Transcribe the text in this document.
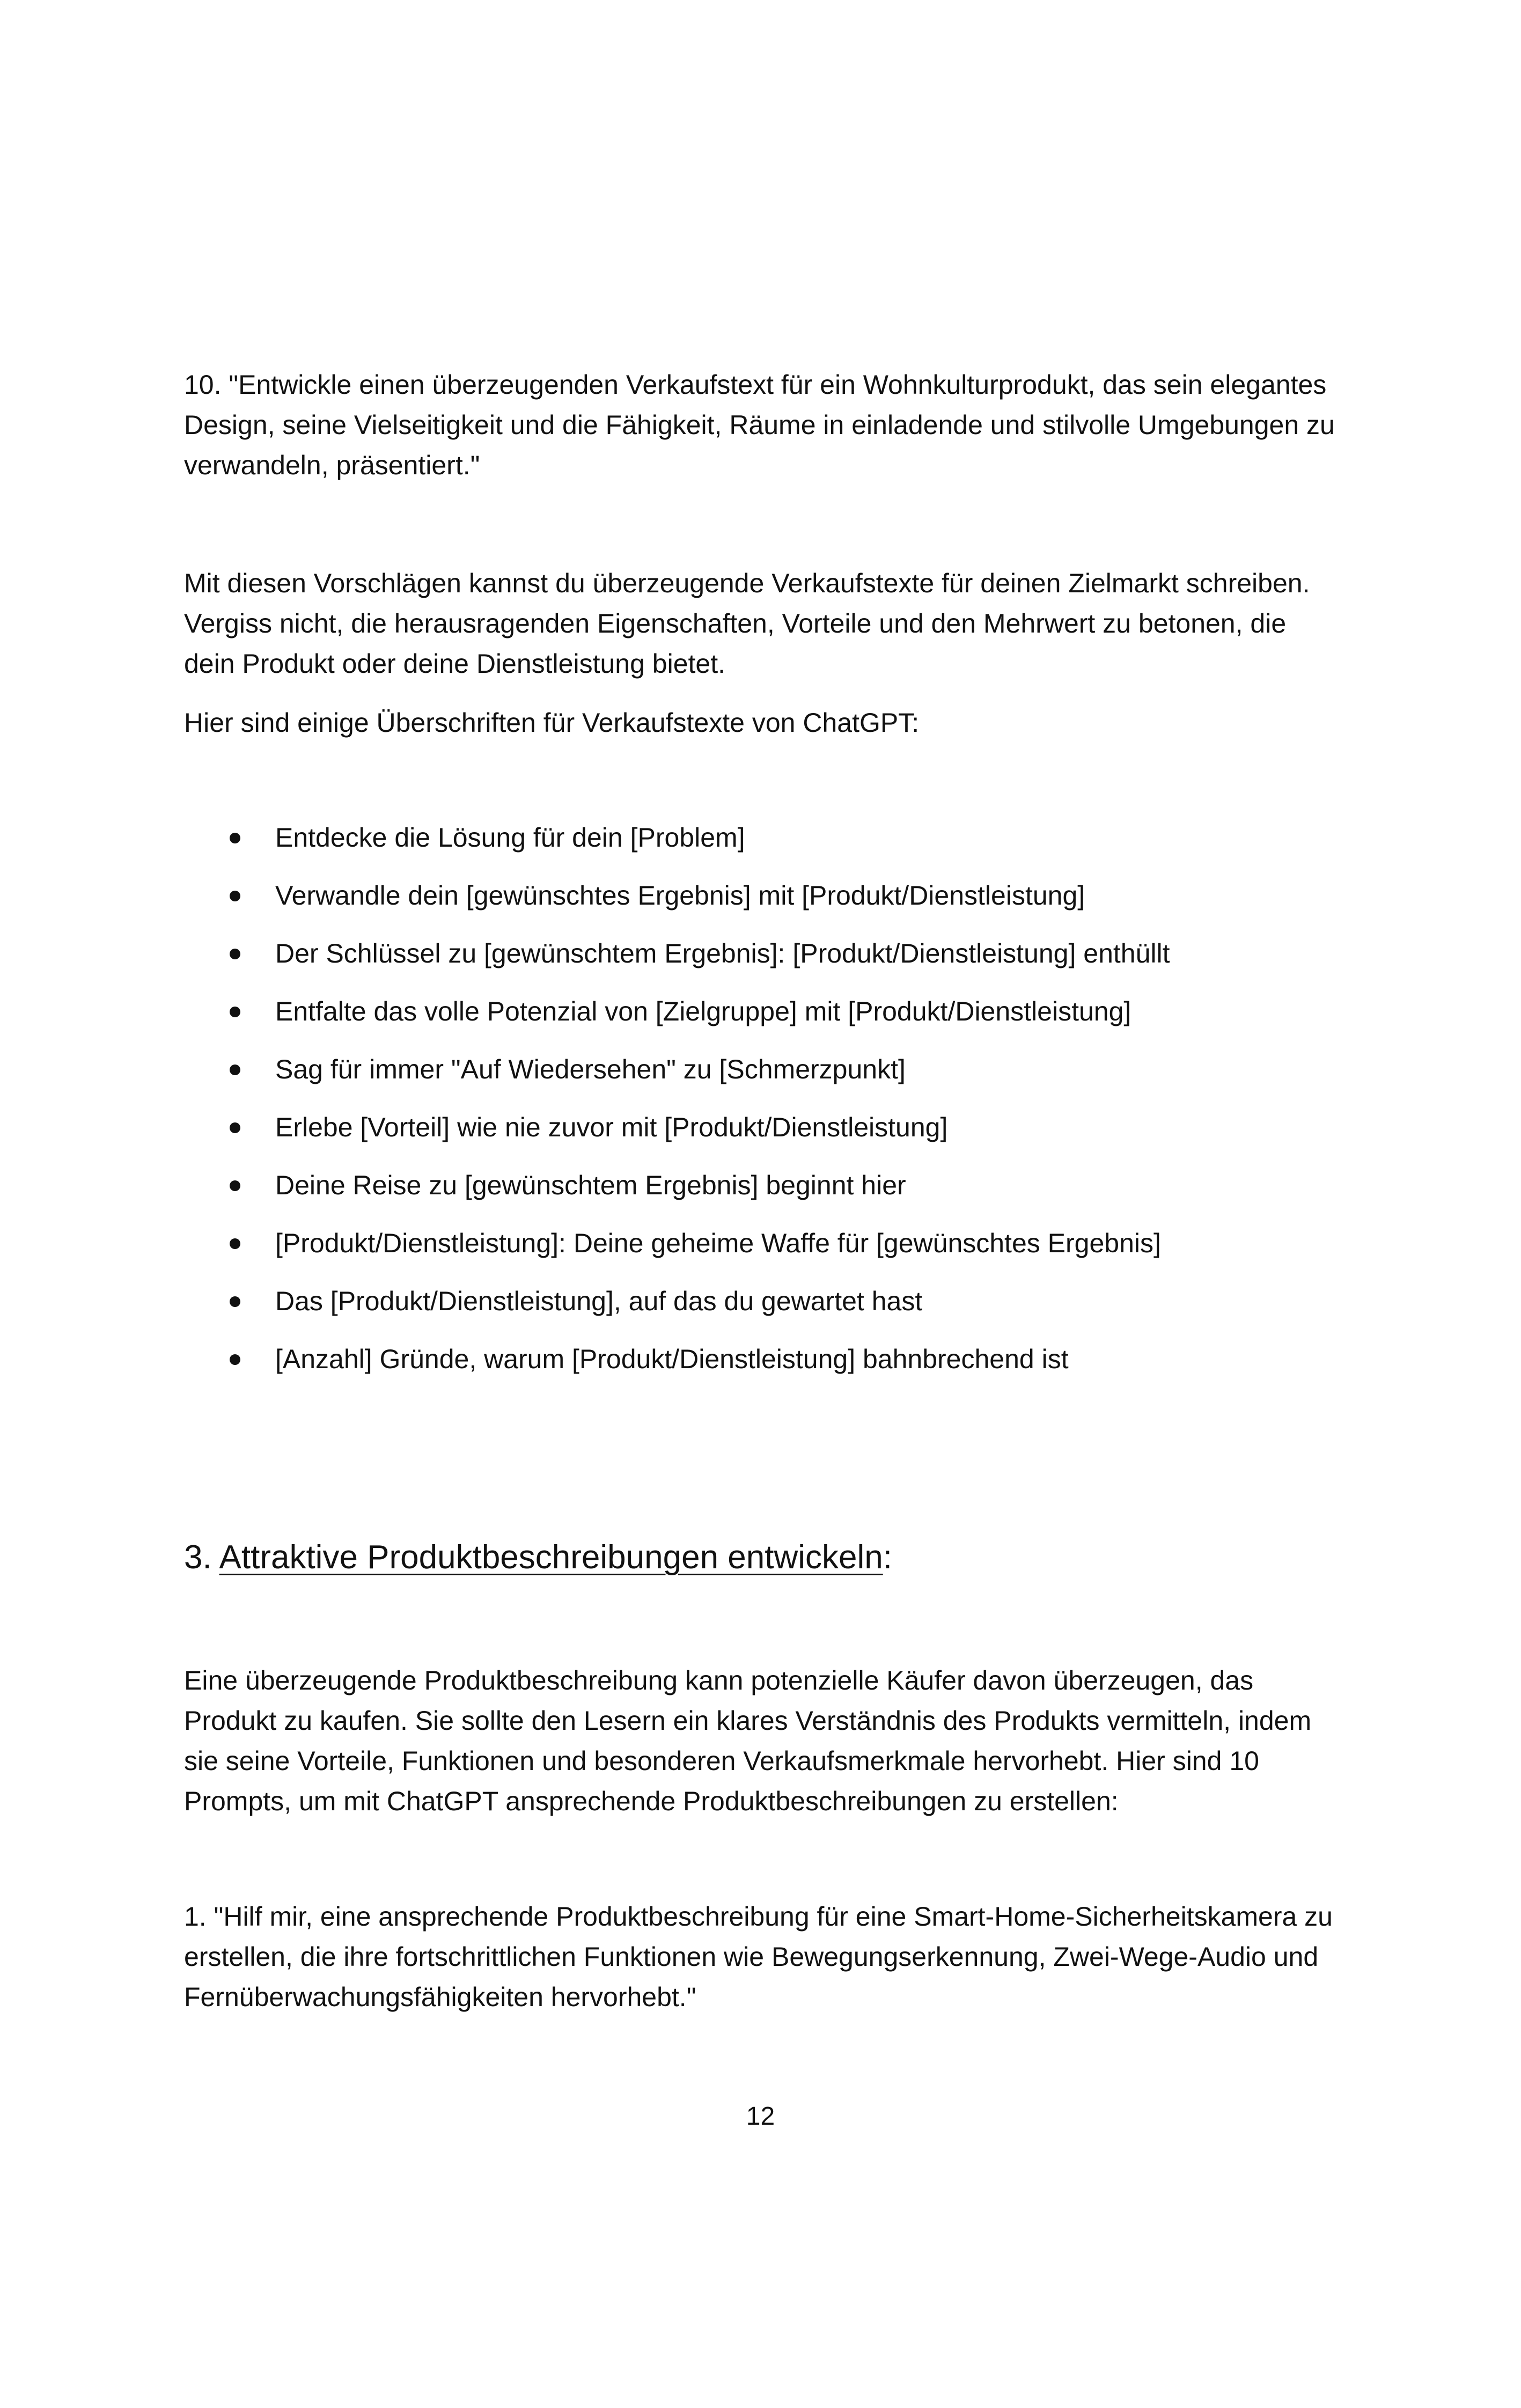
10. "Entwickle einen überzeugenden Verkaufstext für ein Wohnkulturprodukt, das sein elegantes Design, seine Vielseitigkeit und die Fähigkeit, Räume in einladende und stilvolle Umgebungen zu verwandeln, präsentiert."

Mit diesen Vorschlägen kannst du überzeugende Verkaufstexte für deinen Zielmarkt schreiben. Vergiss nicht, die herausragenden Eigenschaften, Vorteile und den Mehrwert zu betonen, die dein Produkt oder deine Dienstleistung bietet.

Hier sind einige Überschriften für Verkaufstexte von ChatGPT:

Entdecke die Lösung für dein [Problem]
Verwandle dein [gewünschtes Ergebnis] mit [Produkt/Dienstleistung]
Der Schlüssel zu [gewünschtem Ergebnis]: [Produkt/Dienstleistung] enthüllt
Entfalte das volle Potenzial von [Zielgruppe] mit [Produkt/Dienstleistung]
Sag für immer "Auf Wiedersehen" zu [Schmerzpunkt]
Erlebe [Vorteil] wie nie zuvor mit [Produkt/Dienstleistung]
Deine Reise zu [gewünschtem Ergebnis] beginnt hier
[Produkt/Dienstleistung]: Deine geheime Waffe für [gewünschtes Ergebnis]
Das [Produkt/Dienstleistung], auf das du gewartet hast
[Anzahl] Gründe, warum [Produkt/Dienstleistung] bahnbrechend ist
3. Attraktive Produktbeschreibungen entwickeln:

Eine überzeugende Produktbeschreibung kann potenzielle Käufer davon überzeugen, das Produkt zu kaufen. Sie sollte den Lesern ein klares Verständnis des Produkts vermitteln, indem sie seine Vorteile, Funktionen und besonderen Verkaufsmerkmale hervorhebt. Hier sind 10 Prompts, um mit ChatGPT ansprechende Produktbeschreibungen zu erstellen:

1. "Hilf mir, eine ansprechende Produktbeschreibung für eine Smart-Home-Sicherheitskamera zu erstellen, die ihre fortschrittlichen Funktionen wie Bewegungserkennung, Zwei-Wege-Audio und Fernüberwachungsfähigkeiten hervorhebt."

12
